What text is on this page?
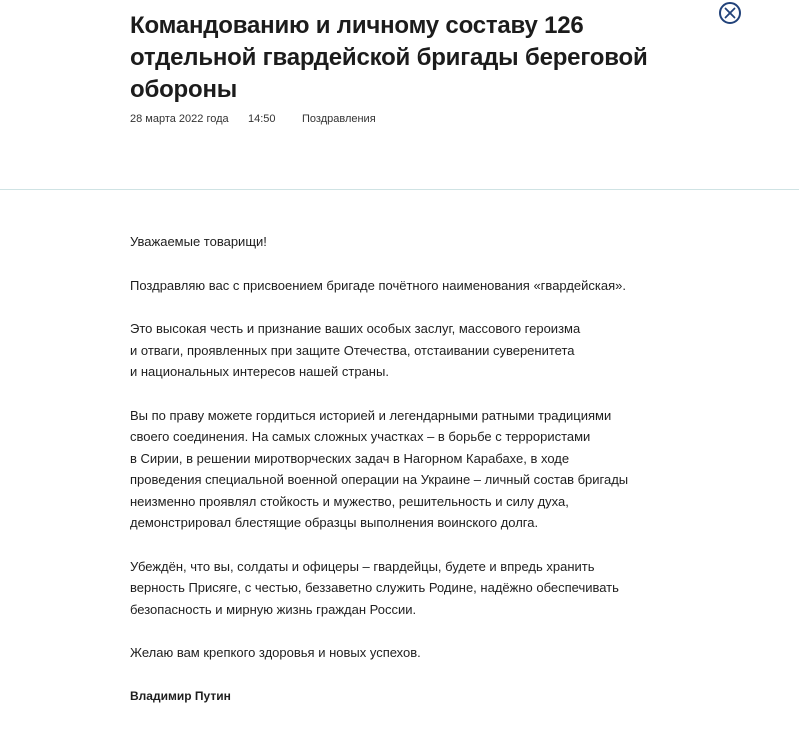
Командованию и личному составу 126 отдельной гвардейской бригады береговой обороны
28 марта 2022 года	14:50	Поздравления

Уважаемые товарищи!

Поздравляю вас с присвоением бригаде почётного наименования «гвардейская».

Это высокая честь и признание ваших особых заслуг, массового героизма
и отваги, проявленных при защите Отечества, отстаивании суверенитета
и национальных интересов нашей страны.

Вы по праву можете гордиться историей и легендарными ратными традициями
своего соединения. На самых сложных участках – в борьбе с террористами
в Сирии, в решении миротворческих задач в Нагорном Карабахе, в ходе
проведения специальной военной операции на Украине – личный состав бригады
неизменно проявлял стойкость и мужество, решительность и силу духа,
демонстрировал блестящие образцы выполнения воинского долга.

Убеждён, что вы, солдаты и офицеры – гвардейцы, будете и впредь хранить
верность Присяге, с честью, беззаветно служить Родине, надёжно обеспечивать
безопасность и мирную жизнь граждан России.

Желаю вам крепкого здоровья и новых успехов.

Владимир Путин
